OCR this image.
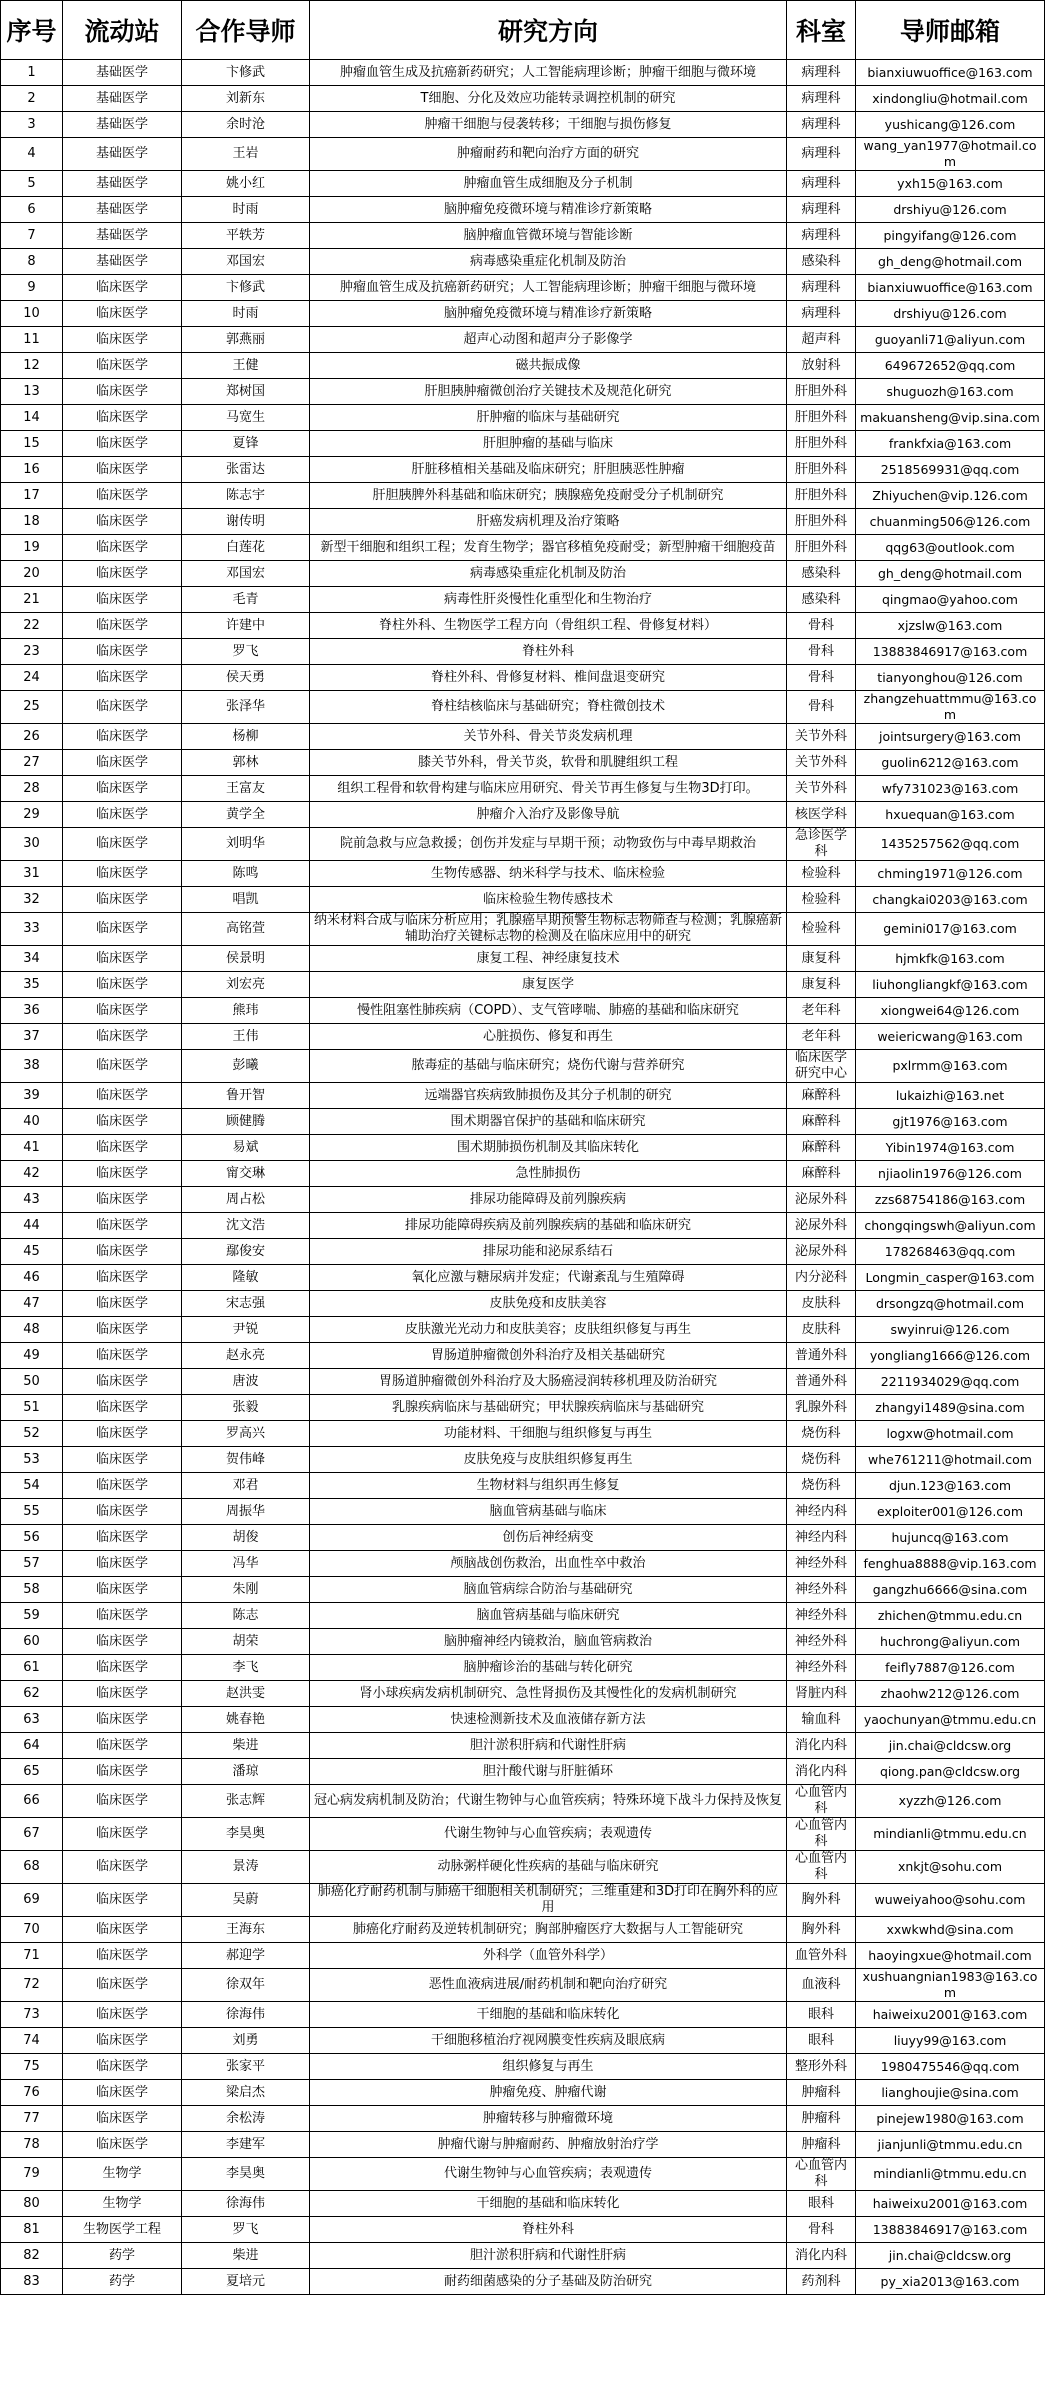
序号	流动站	合作导师	研究方向	科室	导师邮箱
1	基础医学	卞修武	肿瘤血管生成及抗癌新药研究；人工智能病理诊断；肿瘤干细胞与微环境	病理科	bianxiuwuoffice@163.com
2	基础医学	刘新东	T细胞、分化及效应功能转录调控机制的研究	病理科	xindongliu@hotmail.com
3	基础医学	余时沧	肿瘤干细胞与侵袭转移；干细胞与损伤修复	病理科	yushicang@126.com
4	基础医学	王岩	肿瘤耐药和靶向治疗方面的研究	病理科	wang_yan1977@hotmail.com
5	基础医学	姚小红	肿瘤血管生成细胞及分子机制	病理科	yxh15@163.com
6	基础医学	时雨	脑肿瘤免疫微环境与精准诊疗新策略	病理科	drshiyu@126.com
7	基础医学	平轶芳	脑肿瘤血管微环境与智能诊断	病理科	pingyifang@126.com
8	基础医学	邓国宏	病毒感染重症化机制及防治	感染科	gh_deng@hotmail.com
9	临床医学	卞修武	肿瘤血管生成及抗癌新药研究；人工智能病理诊断；肿瘤干细胞与微环境	病理科	bianxiuwuoffice@163.com
10	临床医学	时雨	脑肿瘤免疫微环境与精准诊疗新策略	病理科	drshiyu@126.com
11	临床医学	郭燕丽	超声心动图和超声分子影像学	超声科	guoyanli71@aliyun.com
12	临床医学	王健	磁共振成像	放射科	649672652@qq.com
13	临床医学	郑树国	肝胆胰肿瘤微创治疗关键技术及规范化研究	肝胆外科	shuguozh@163.com
14	临床医学	马宽生	肝肿瘤的临床与基础研究	肝胆外科	makuansheng@vip.sina.com
15	临床医学	夏锋	肝胆肿瘤的基础与临床	肝胆外科	frankfxia@163.com
16	临床医学	张雷达	肝脏移植相关基础及临床研究；肝胆胰恶性肿瘤	肝胆外科	2518569931@qq.com
17	临床医学	陈志宇	肝胆胰脾外科基础和临床研究；胰腺癌免疫耐受分子机制研究	肝胆外科	Zhiyuchen@vip.126.com
18	临床医学	谢传明	肝癌发病机理及治疗策略	肝胆外科	chuanming506@126.com
19	临床医学	白莲花	新型干细胞和组织工程；发育生物学；器官移植免疫耐受；新型肿瘤干细胞疫苗	肝胆外科	qqg63@outlook.com
20	临床医学	邓国宏	病毒感染重症化机制及防治	感染科	gh_deng@hotmail.com
21	临床医学	毛青	病毒性肝炎慢性化重型化和生物治疗	感染科	qingmao@yahoo.com
22	临床医学	许建中	脊柱外科、生物医学工程方向（骨组织工程、骨修复材料）	骨科	xjzslw@163.com
23	临床医学	罗飞	脊柱外科	骨科	13883846917@163.com
24	临床医学	侯天勇	脊柱外科、骨修复材料、椎间盘退变研究	骨科	tianyonghou@126.com
25	临床医学	张泽华	脊柱结核临床与基础研究；脊柱微创技术	骨科	zhangzehuattmmu@163.com
26	临床医学	杨柳	关节外科、骨关节炎发病机理	关节外科	jointsurgery@163.com
27	临床医学	郭林	膝关节外科，骨关节炎，软骨和肌腱组织工程	关节外科	guolin6212@163.com
28	临床医学	王富友	组织工程骨和软骨构建与临床应用研究、骨关节再生修复与生物3D打印。	关节外科	wfy731023@163.com
29	临床医学	黄学全	肿瘤介入治疗及影像导航	核医学科	hxuequan@163.com
30	临床医学	刘明华	院前急救与应急救援；创伤并发症与早期干预；动物致伤与中毒早期救治	急诊医学科	1435257562@qq.com
31	临床医学	陈鸣	生物传感器、纳米科学与技术、临床检验	检验科	chming1971@126.com
32	临床医学	唱凯	临床检验生物传感技术	检验科	changkai0203@163.com
33	临床医学	高铭萱	纳米材料合成与临床分析应用；乳腺癌早期预警生物标志物筛查与检测；乳腺癌新辅助治疗关键标志物的检测及在临床应用中的研究	检验科	gemini017@163.com
34	临床医学	侯景明	康复工程、神经康复技术	康复科	hjmkfk@163.com
35	临床医学	刘宏亮	康复医学	康复科	liuhongliangkf@163.com
36	临床医学	熊玮	慢性阻塞性肺疾病（COPD）、支气管哮喘、肺癌的基础和临床研究	老年科	xiongwei64@126.com
37	临床医学	王伟	心脏损伤、修复和再生	老年科	weiericwang@163.com
38	临床医学	彭曦	脓毒症的基础与临床研究；烧伤代谢与营养研究	临床医学研究中心	pxlrmm@163.com
39	临床医学	鲁开智	远端器官疾病致肺损伤及其分子机制的研究	麻醉科	lukaizhi@163.net
40	临床医学	顾健腾	围术期器官保护的基础和临床研究	麻醉科	gjt1976@163.com
41	临床医学	易斌	围术期肺损伤机制及其临床转化	麻醉科	Yibin1974@163.com
42	临床医学	甯交琳	急性肺损伤	麻醉科	njiaolin1976@126.com
43	临床医学	周占松	排尿功能障碍及前列腺疾病	泌尿外科	zzs68754186@163.com
44	临床医学	沈文浩	排尿功能障碍疾病及前列腺疾病的基础和临床研究	泌尿外科	chongqingswh@aliyun.com
45	临床医学	鄢俊安	排尿功能和泌尿系结石	泌尿外科	178268463@qq.com
46	临床医学	隆敏	氧化应激与糖尿病并发症；代谢紊乱与生殖障碍	内分泌科	Longmin_casper@163.com
47	临床医学	宋志强	皮肤免疫和皮肤美容	皮肤科	drsongzq@hotmail.com
48	临床医学	尹锐	皮肤激光光动力和皮肤美容；皮肤组织修复与再生	皮肤科	swyinrui@126.com
49	临床医学	赵永亮	胃肠道肿瘤微创外科治疗及相关基础研究	普通外科	yongliang1666@126.com
50	临床医学	唐波	胃肠道肿瘤微创外科治疗及大肠癌浸润转移机理及防治研究	普通外科	2211934029@qq.com
51	临床医学	张毅	乳腺疾病临床与基础研究；甲状腺疾病临床与基础研究	乳腺外科	zhangyi1489@sina.com
52	临床医学	罗高兴	功能材料、干细胞与组织修复与再生	烧伤科	logxw@hotmail.com
53	临床医学	贺伟峰	皮肤免疫与皮肤组织修复再生	烧伤科	whe761211@hotmail.com
54	临床医学	邓君	生物材料与组织再生修复	烧伤科	djun.123@163.com
55	临床医学	周振华	脑血管病基础与临床	神经内科	exploiter001@126.com
56	临床医学	胡俊	创伤后神经病变	神经内科	hujuncq@163.com
57	临床医学	冯华	颅脑战创伤救治，出血性卒中救治	神经外科	fenghua8888@vip.163.com
58	临床医学	朱刚	脑血管病综合防治与基础研究	神经外科	gangzhu6666@sina.com
59	临床医学	陈志	脑血管病基础与临床研究	神经外科	zhichen@tmmu.edu.cn
60	临床医学	胡荣	脑肿瘤神经内镜救治，脑血管病救治	神经外科	huchrong@aliyun.com
61	临床医学	李飞	脑肿瘤诊治的基础与转化研究	神经外科	feifly7887@126.com
62	临床医学	赵洪雯	肾小球疾病发病机制研究、急性肾损伤及其慢性化的发病机制研究	肾脏内科	zhaohw212@126.com
63	临床医学	姚春艳	快速检测新技术及血液储存新方法	输血科	yaochunyan@tmmu.edu.cn
64	临床医学	柴进	胆汁淤积肝病和代谢性肝病	消化内科	jin.chai@cldcsw.org
65	临床医学	潘琼	胆汁酸代谢与肝脏循环	消化内科	qiong.pan@cldcsw.org
66	临床医学	张志辉	冠心病发病机制及防治；代谢生物钟与心血管疾病；特殊环境下战斗力保持及恢复	心血管内科	xyzzh@126.com
67	临床医学	李昊奥	代谢生物钟与心血管疾病；表观遗传	心血管内科	mindianli@tmmu.edu.cn
68	临床医学	景涛	动脉粥样硬化性疾病的基础与临床研究	心血管内科	xnkjt@sohu.com
69	临床医学	吴蔚	肺癌化疗耐药机制与肺癌干细胞相关机制研究；三维重建和3D打印在胸外科的应用	胸外科	wuweiyahoo@sohu.com
70	临床医学	王海东	肺癌化疗耐药及逆转机制研究；胸部肿瘤医疗大数据与人工智能研究	胸外科	xxwkwhd@sina.com
71	临床医学	郝迎学	外科学（血管外科学）	血管外科	haoyingxue@hotmail.com
72	临床医学	徐双年	恶性血液病进展/耐药机制和靶向治疗研究	血液科	xushuangnian1983@163.com
73	临床医学	徐海伟	干细胞的基础和临床转化	眼科	haiweixu2001@163.com
74	临床医学	刘勇	干细胞移植治疗视网膜变性疾病及眼底病	眼科	liuyy99@163.com
75	临床医学	张家平	组织修复与再生	整形外科	1980475546@qq.com
76	临床医学	梁启杰	肿瘤免疫、肿瘤代谢	肿瘤科	lianghoujie@sina.com
77	临床医学	余松涛	肿瘤转移与肿瘤微环境	肿瘤科	pinejew1980@163.com
78	临床医学	李建军	肿瘤代谢与肿瘤耐药、肿瘤放射治疗学	肿瘤科	jianjunli@tmmu.edu.cn
79	生物学	李昊奥	代谢生物钟与心血管疾病；表观遗传	心血管内科	mindianli@tmmu.edu.cn
80	生物学	徐海伟	干细胞的基础和临床转化	眼科	haiweixu2001@163.com
81	生物医学工程	罗飞	脊柱外科	骨科	13883846917@163.com
82	药学	柴进	胆汁淤积肝病和代谢性肝病	消化内科	jin.chai@cldcsw.org
83	药学	夏培元	耐药细菌感染的分子基础及防治研究	药剂科	py_xia2013@163.com
